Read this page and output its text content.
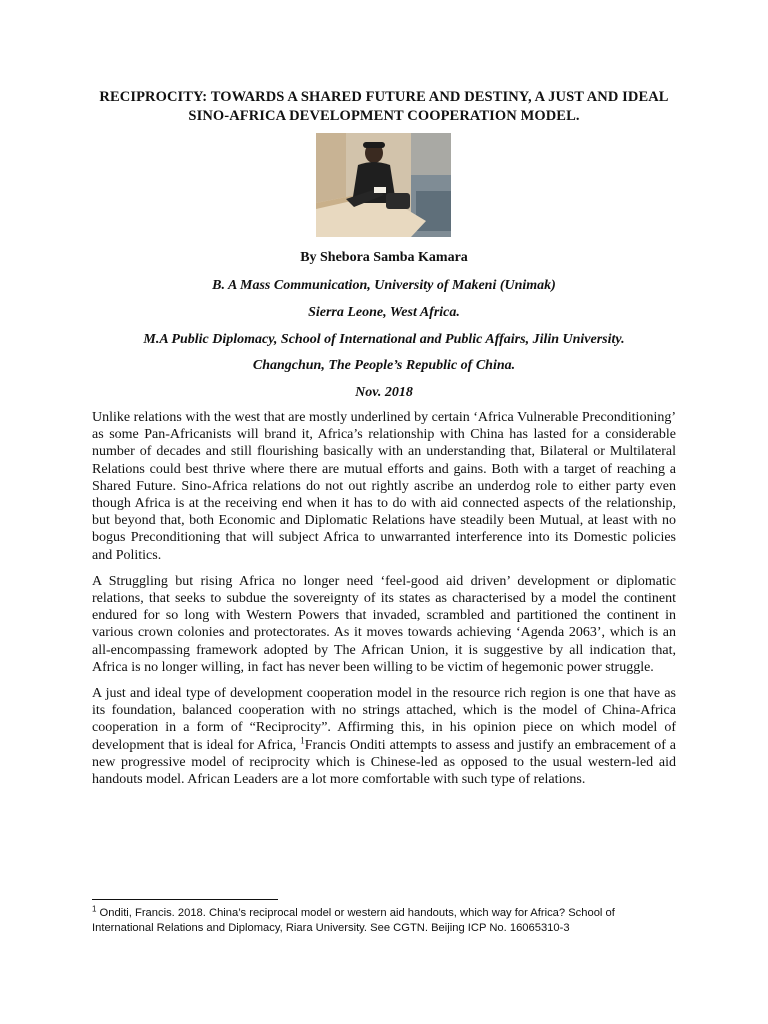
RECIPROCITY: TOWARDS A SHARED FUTURE AND DESTINY, A JUST AND IDEAL SINO-AFRICA DEVELOPMENT COOPERATION MODEL.
By Shebora Samba Kamara
B. A Mass Communication, University of Makeni (Unimak)
Sierra Leone, West Africa.
M.A Public Diplomacy, School of International and Public Affairs, Jilin University.
Changchun, The People’s Republic of China.
Nov. 2018

Unlike relations with the west that are mostly underlined by certain ‘Africa Vulnerable Preconditioning’ as some Pan-Africanists will brand it, Africa’s relationship with China has lasted for a considerable number of decades and still flourishing basically with an understanding that, Bilateral or Multilateral Relations could best thrive where there are mutual efforts and gains. Both with a target of reaching a Shared Future. Sino-Africa relations do not out rightly ascribe an underdog role to either party even though Africa is at the receiving end when it has to do with aid connected aspects of the relationship, but beyond that, both Economic and Diplomatic Relations have steadily been Mutual, at least with no bogus Preconditioning that will subject Africa to unwarranted interference into its Domestic policies and Politics.

A Struggling but rising Africa no longer need ‘feel-good aid driven’ development or diplomatic relations, that seeks to subdue the sovereignty of its states as characterised by a model the continent endured for so long with Western Powers that invaded, scrambled and partitioned the continent in various crown colonies and protectorates. As it moves towards achieving ‘Agenda 2063’, which is an all-encompassing framework adopted by The African Union, it is suggestive by all indication that, Africa is no longer willing, in fact has never been willing to be victim of hegemonic power struggle.

A just and ideal type of development cooperation model in the resource rich region is one that have as its foundation, balanced cooperation with no strings attached, which is the model of China-Africa cooperation in a form of “Reciprocity”. Affirming this, in his opinion piece on which model of development that is ideal for Africa, $^1$Francis Onditi attempts to assess and justify an embracement of a new progressive model of reciprocity which is Chinese-led as opposed to the usual western-led aid handouts model. African Leaders are a lot more comfortable with such type of relations.

$^1$ Onditi, Francis. 2018. China’s reciprocal model or western aid handouts, which way for Africa? School of International Relations and Diplomacy, Riara University. See CGTN. Beijing ICP No. 16065310-3
